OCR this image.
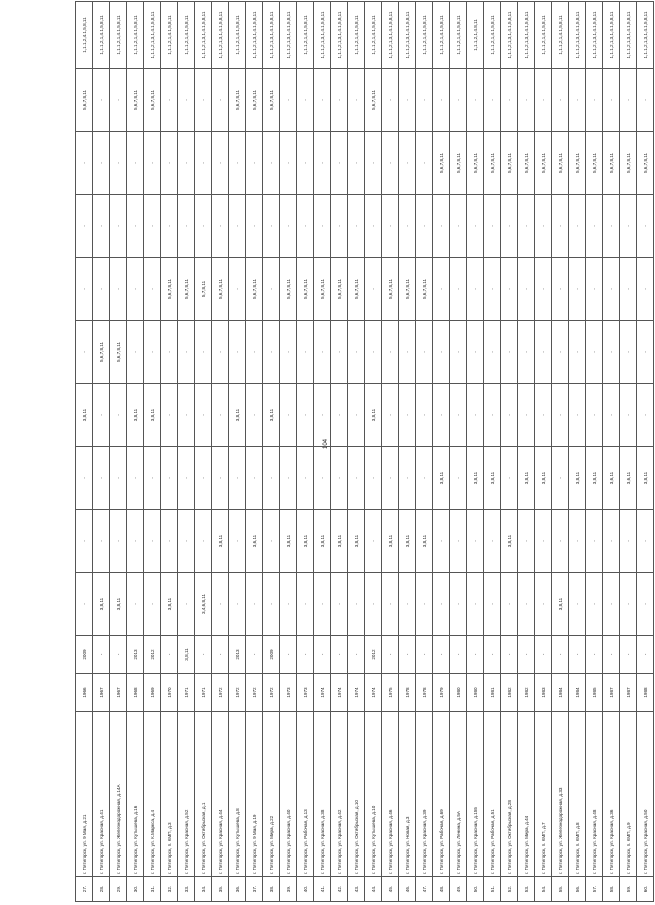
104
27.	г. Пятигорск, ул. 9 Мая, д.21	1966	2009	-	-	-	3,8,11	-	-	-	-	5,6,7,8,11	1,1.1,2,4.1,5,8,11
28.	г. Пятигорск, ул. Красная, д.41	1967	-	3,8,11	-	-	-	5,6,7,8,11	-	-	-	-	1,1.1,2,1,4.1,5,8,11
29.	г. Пятигорск, ул. Железнодорожная, д.14А	1967	-	3,8,11	-	-	-	5,6,7,8,11	-	-	-	-	1,1.1,2,1,4.1,5,8,11
30.	г. Пятигорск, ул. Кутышева, д.16	1968	2013	-	-	-	3,8,11	-	-	-	-	5,6,7,8,11	1,1.1,2,1,4.1,5,8,11
31.	г. Пятигорск, ул. К.Маркса, д.4	1969	2012	-	-	-	3,8,11	-	-	-	-	5,6,7,8,11	1,1.1,2,1,3,1,4.1,5,8,11
32.	г. Пятигорск, п. КМП, д.3	1970	-	3,8,11	-	-	-	-	5,6,7,8,11	-	-	-	1,1.1,2,1,4.1,5,8,11
33.	г. Пятигорск, ул. Красная, д.52	1971	3,8,11	-	-	-	-	-	5,6,7,8,11	-	-	-	1,1.1,2,1,4.1,5,8,11
34.	г. Пятигорск, ул. Октябрьская, д.1	1971	-	3,4,6,8,11	-	-	-	-	5,7,8,11	-	-	-	1,1.1,2,1,3,1,4.1,5,8,11
35.	г. Пятигорск, ул. Красная, д.44	1972	-	-	3,8,11	-	-	-	5,6,7,8,11	-	-	-	1,1.1,2,1,3,1,4.1,5,8,11
36.	г. Пятигорск, ул. Кутышева, д.8	1972	2013	-	-	-	3,8,11	-	-	-	-	5,6,7,8,11	1,1.1,2,1,4.1,5,8,11
37.	г. Пятигорск, ул. 9 Мая, д.19	1972	-	-	3,6,11	-	-	-	5,6,7,8,11	-	-	5,6,7,8,11	1,1.1,2,1,3,1,4.1,5,8,11
38.	г. Пятигорск, ул. Мира, д.22	1972	2009	-	-	-	3,8,11	-	-	-	-	5,6,7,8,11	1,1.1,2,1,3,1,4.1,5,8,11
39.	г. Пятигорск, ул. Красная, д.40	1973	-	-	3,8,11	-	-	-	5,6,7,8,11	-	-	-	1,1.1,2,1,3,1,4.1,5,8,11
40.	г. Пятигорск, ул. Рабочая, д.13	1973	-	-	3,8,11	-	-	-	5,6,7,8,11	-	-	-	1,1.1,2,1,4.1,5,8,11
41.	г. Пятигорск, ул. Красная, д.38	1974	-	-	3,8,11	-	-	-	5,6,7,8,11	-	-	-	1,1.1,2,1,3,1,4.1,5,8,11
42.	г. Пятигорск, ул. Красная, д.42	1974	-	-	3,8,11	-	-	-	5,6,7,8,11	-	-	-	1,1.1,2,1,3,1,4.1,5,8,11
43.	г. Пятигорск, ул. Октябрьская, д.10	1974	-	-	3,8,11	-	-	-	5,6,7,8,11	-	-	-	1,1.1,2,1,4.1,5,8,11
44.	г. Пятигорск, ул. Кутышева, д.10	1974	2012	-	-	-	3,8,11	-	-	-	-	5,6,7,8,11	1,1.1,2,1,4.1,5,8,11
45.	г. Пятигорск, ул. Красная, д.46	1975	-	-	3,8,11	-	-	-	5,6,7,8,11	-	-	-	1,1.1,2,1,3,1,4.1,5,8,11
46.	г. Пятигорск, ул. Новая, д.3	1978	-	-	3,8,11	-	-	-	5,6,7,8,11	-	-	-	1,1.1,2,1,3,1,4.1,5,8,11
47.	г. Пятигорск, ул. Красная, д.39	1978	-	-	3,8,11	-	-	-	5,6,7,8,11	-	-	-	1,1.1,2,1,4.1,5,8,11
48.	г. Пятигорск, ул. Рабочая, д.69	1979	-	-	-	3,8,11	-	-	-	-	5,6,7,8,11	-	1,1.1,2,1,4.1,5,8,11
49.	г. Пятигорск, ул. Ленина, д.5А	1980	-	-	-	-	-	-	-	-	5,6,7,8,11	-	1,1.1,2,1,4.1,5,8,11
50.	г. Пятигорск, ул. Красная, д.155	1980	-	-	-	3,8,11	-	-	-	-	5,6,7,8,11	-	1,1.1,2,1,4.8,11
51.	г. Пятигорск, ул. Рабочая, д.51	1981	-	-	-	3,8,11	-	-	-	-	5,6,7,8,11	-	1,1.1,2,1,4.1,5,8,11
52.	г. Пятигорск, ул. Октябрьская, д.28	1982	-	-	3,8,11	-	-	-	-	-	5,6,7,8,11	-	1,1.1,2,1,3,1,4.1,5,8,11
53.	г. Пятигорск, ул. Мира, д.44	1982	-	-	-	3,8,11	-	-	-	-	5,6,7,8,11	-	1,1.1,2,1,3,1,4.1,5,8,11
54.	г. Пятигорск, п. КМП, д.7	1983	-	-	-	3,8,11	-	-	-	-	5,6,7,8,11	-	1,1.1,2,1,4.1,5,8,11
55.	г. Пятигорск, ул. Железнодорожная, д.33	1984	-	3,8,11	-	-	-	-	-	-	5,6,7,8,11	-	1,1.1,2,1,4.1,5,8,11
56.	г. Пятигорск, п. КМП, д.8	1984	-	-	-	3,8,11	-	-	-	-	5,6,7,8,11	-	1,1.1,2,1,3,1,4.1,5,8,11
57.	г. Пятигорск, ул. Красная, д.48	1985	-	-	-	3,8,11	-	-	-	-	5,6,7,8,11	-	1,1.1,2,1,3,1,4.1,5,8,11
58.	г. Пятигорск, ул. Красная, д.36	1987	-	-	-	3,6,11	-	-	-	-	5,6,7,8,11	-	1,1.1,2,1,3,1,4.1,5,8,11
59.	г. Пятигорск, п. КМП, д.9	1987	-	-	-	3,6,11	-	-	-	-	5,6,7,8,11	-	1,1.1,2,1,3,1,4.1,5,8,11
60.	г. Пятигорск, ул. Красная, д.50	1988	-	-	-	3,8,11	-	-	-	-	5,6,7,8,11	-	1,1.1,2,1,3,1,4.1,5,8,11
